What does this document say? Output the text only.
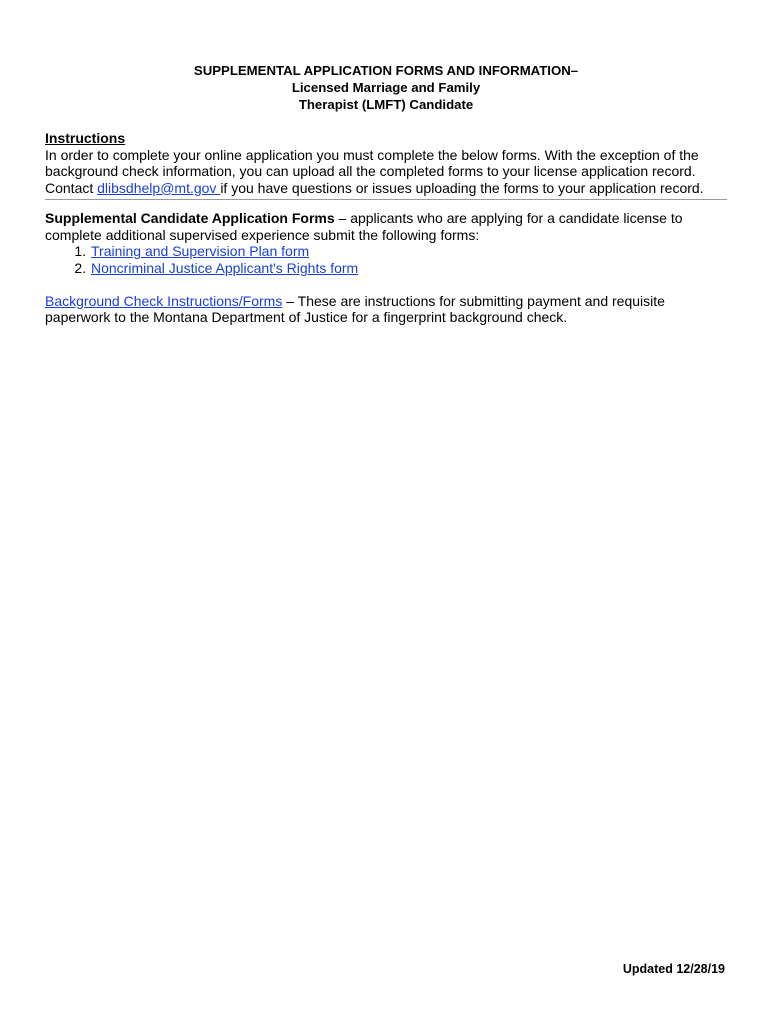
SUPPLEMENTAL APPLICATION FORMS AND INFORMATION–
Licensed Marriage and Family
Therapist (LMFT) Candidate
Instructions
In order to complete your online application you must complete the below forms. With the exception of the background check information, you can upload all the completed forms to your license application record. Contact dlibsdhelp@mt.gov if you have questions or issues uploading the forms to your application record.
Supplemental Candidate Application Forms – applicants who are applying for a candidate license to complete additional supervised experience submit the following forms:
1. Training and Supervision Plan form
2. Noncriminal Justice Applicant's Rights form
Background Check Instructions/Forms – These are instructions for submitting payment and requisite paperwork to the Montana Department of Justice for a fingerprint background check.
Updated 12/28/19
